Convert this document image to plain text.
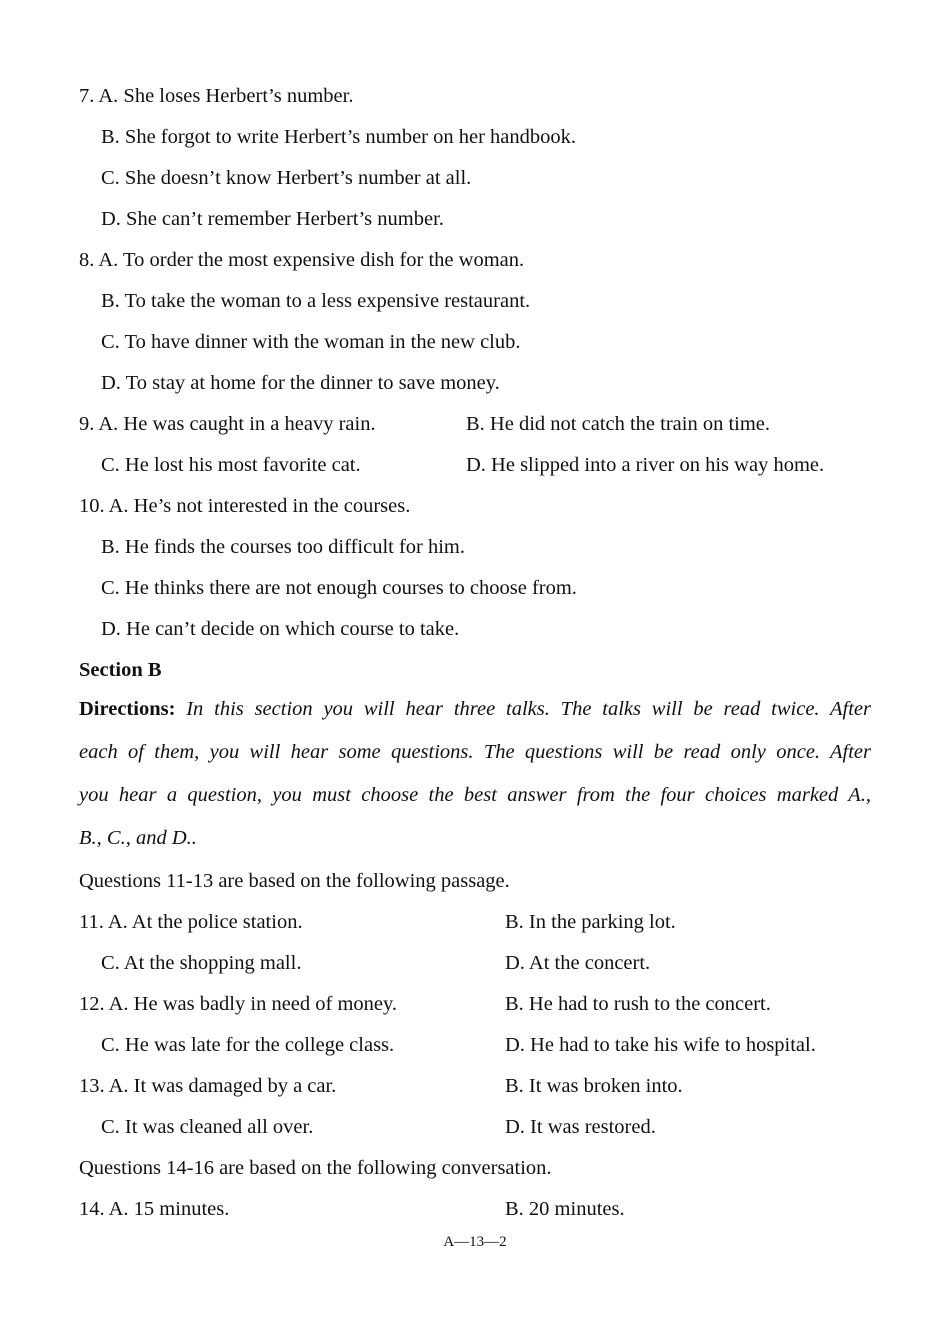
7. A. She loses Herbert’s number.
B. She forgot to write Herbert’s number on her handbook.
C. She doesn’t know Herbert’s number at all.
D. She can’t remember Herbert’s number.
8. A. To order the most expensive dish for the woman.
B. To take the woman to a less expensive restaurant.
C. To have dinner with the woman in the new club.
D. To stay at home for the dinner to save money.
9. A. He was caught in a heavy rain.	B. He did not catch the train on time.
C. He lost his most favorite cat.	D. He slipped into a river on his way home.
10. A. He’s not interested in the courses.
B. He finds the courses too difficult for him.
C. He thinks there are not enough courses to choose from.
D. He can’t decide on which course to take.
Section B
Directions: In this section you will hear three talks. The talks will be read twice. After
each of them, you will hear some questions. The questions will be read only once. After
you hear a question, you must choose the best answer from the four choices marked A.,
B., C., and D..
Questions 11-13 are based on the following passage.
11. A. At the police station.	B. In the parking lot.
C. At the shopping mall.	D. At the concert.
12. A. He was badly in need of money.	B. He had to rush to the concert.
C. He was late for the college class.	D. He had to take his wife to hospital.
13. A. It was damaged by a car.	B. It was broken into.
C. It was cleaned all over.	D. It was restored.
Questions 14-16 are based on the following conversation.
14. A. 15 minutes.	B. 20 minutes.
A—13—2
